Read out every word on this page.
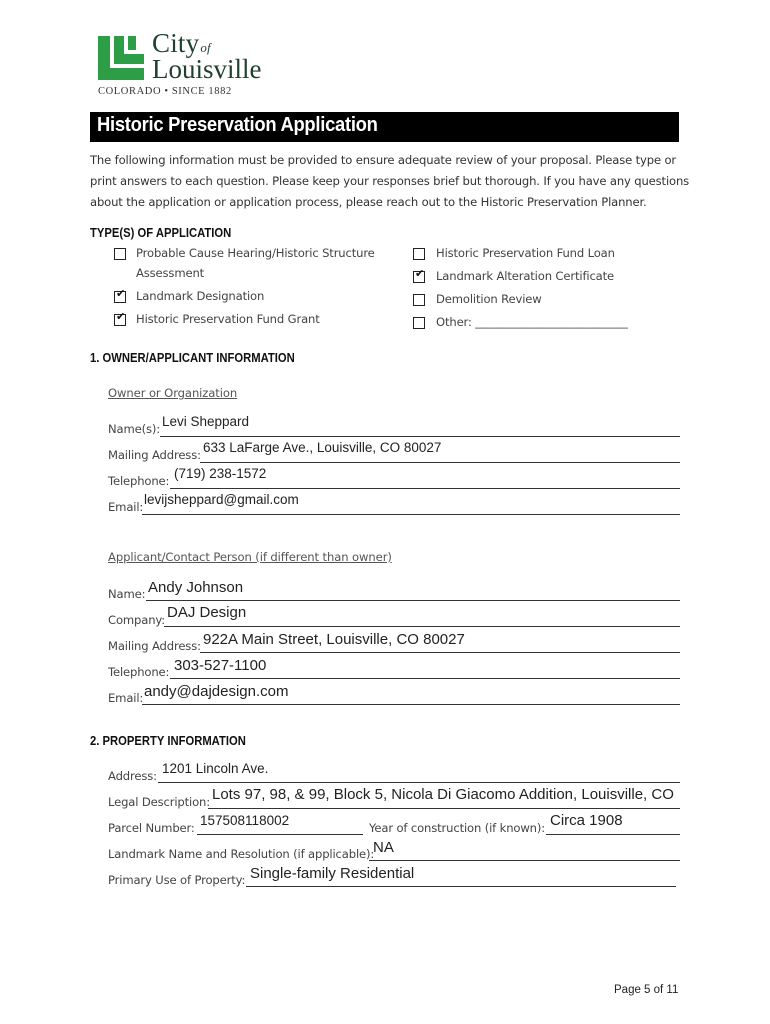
Cityof
Louisville
COLORADO • SINCE 1882
Historic Preservation Application
The following information must be provided to ensure adequate review of your proposal. Please type or
print answers to each question. Please keep your responses brief but thorough. If you have any questions
about the application or application process, please reach out to the Historic Preservation Planner.
TYPE(S) OF APPLICATION
Probable Cause Hearing/Historic Structure
Assessment
✔ Landmark Designation
✔ Historic Preservation Fund Grant
Historic Preservation Fund Loan
✔ Landmark Alteration Certificate
Demolition Review
Other: ___________________________
1. OWNER/APPLICANT INFORMATION
Owner or Organization
Name(s): Levi Sheppard
Mailing Address: 633 LaFarge Ave., Louisville, CO 80027
Telephone: (719) 238-1572
Email: levijsheppard@gmail.com
Applicant/Contact Person (if different than owner)
Name: Andy Johnson
Company: DAJ Design
Mailing Address: 922A Main Street, Louisville, CO 80027
Telephone: 303-527-1100
Email: andy@dajdesign.com
2. PROPERTY INFORMATION
Address: 1201 Lincoln Ave.
Legal Description: Lots 97, 98, & 99, Block 5, Nicola Di Giacomo Addition, Louisville, CO
Parcel Number: 157508118002	Year of construction (if known): Circa 1908
Landmark Name and Resolution (if applicable):
NA
Primary Use of Property: Single-family Residential
Page 5 of 11
